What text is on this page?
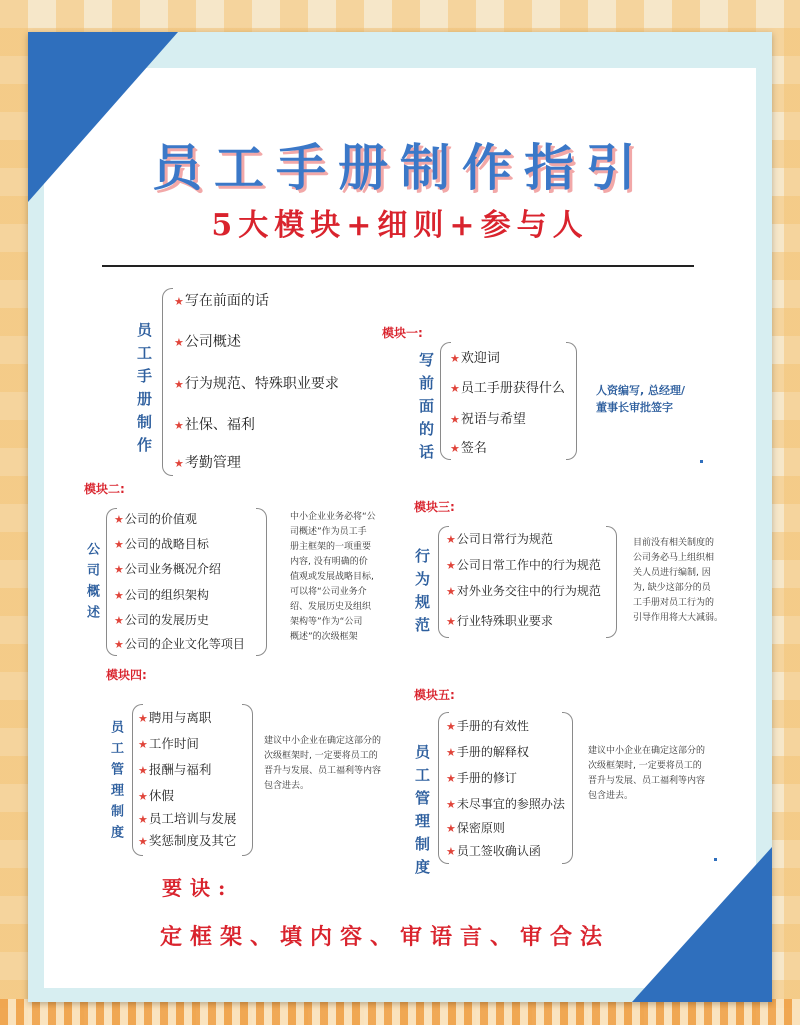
员工手册制作指引
5大模块+细则+参与人
员工手册制作
★写在前面的话
★公司概述
★行为规范、特殊职业要求
★社保、福利
★考勤管理
模块一:
写前面的话 ★欢迎词
★员工手册获得什么
★祝语与希望
★签名
人资编写, 总经理/
董事长审批签字
模块二:
公司概述
★公司的价值观
★公司的战略目标
★公司业务概况介绍
★公司的组织架构
★公司的发展历史
★公司的企业文化等项目
中小企业业务必将“公
司概述”作为员工手
册主框架的一项重要
内容, 没有明确的价
值观或发展战略目标,
可以将“公司业务介
绍、发展历史及组织
架构等”作为“公司
概述”的次级框架
模块三:
行为规范
★公司日常行为规范
★公司日常工作中的行为规范
★对外业务交往中的行为规范
★行业特殊职业要求
目前没有相关制度的
公司务必马上组织相
关人员进行编制, 因
为, 缺少这部分的员
工手册对员工行为的
引导作用将大大减弱。
模块四:
员工管理制度
★聘用与离职
★工作时间
★报酬与福利
★休假
★员工培训与发展
★奖惩制度及其它
建议中小企业在确定这部分的
次级框架时, 一定要将员工的
晋升与发展、员工福利等内容
包含进去。
模块五:
员工管理制度
★手册的有效性
★手册的解释权
★手册的修订
★未尽事宜的参照办法
★保密原则
★员工签收确认函
建议中小企业在确定这部分的
次级框架时, 一定要将员工的
晋升与发展、员工福利等内容
包含进去。
要诀:
定框架、填内容、审语言、审合法
